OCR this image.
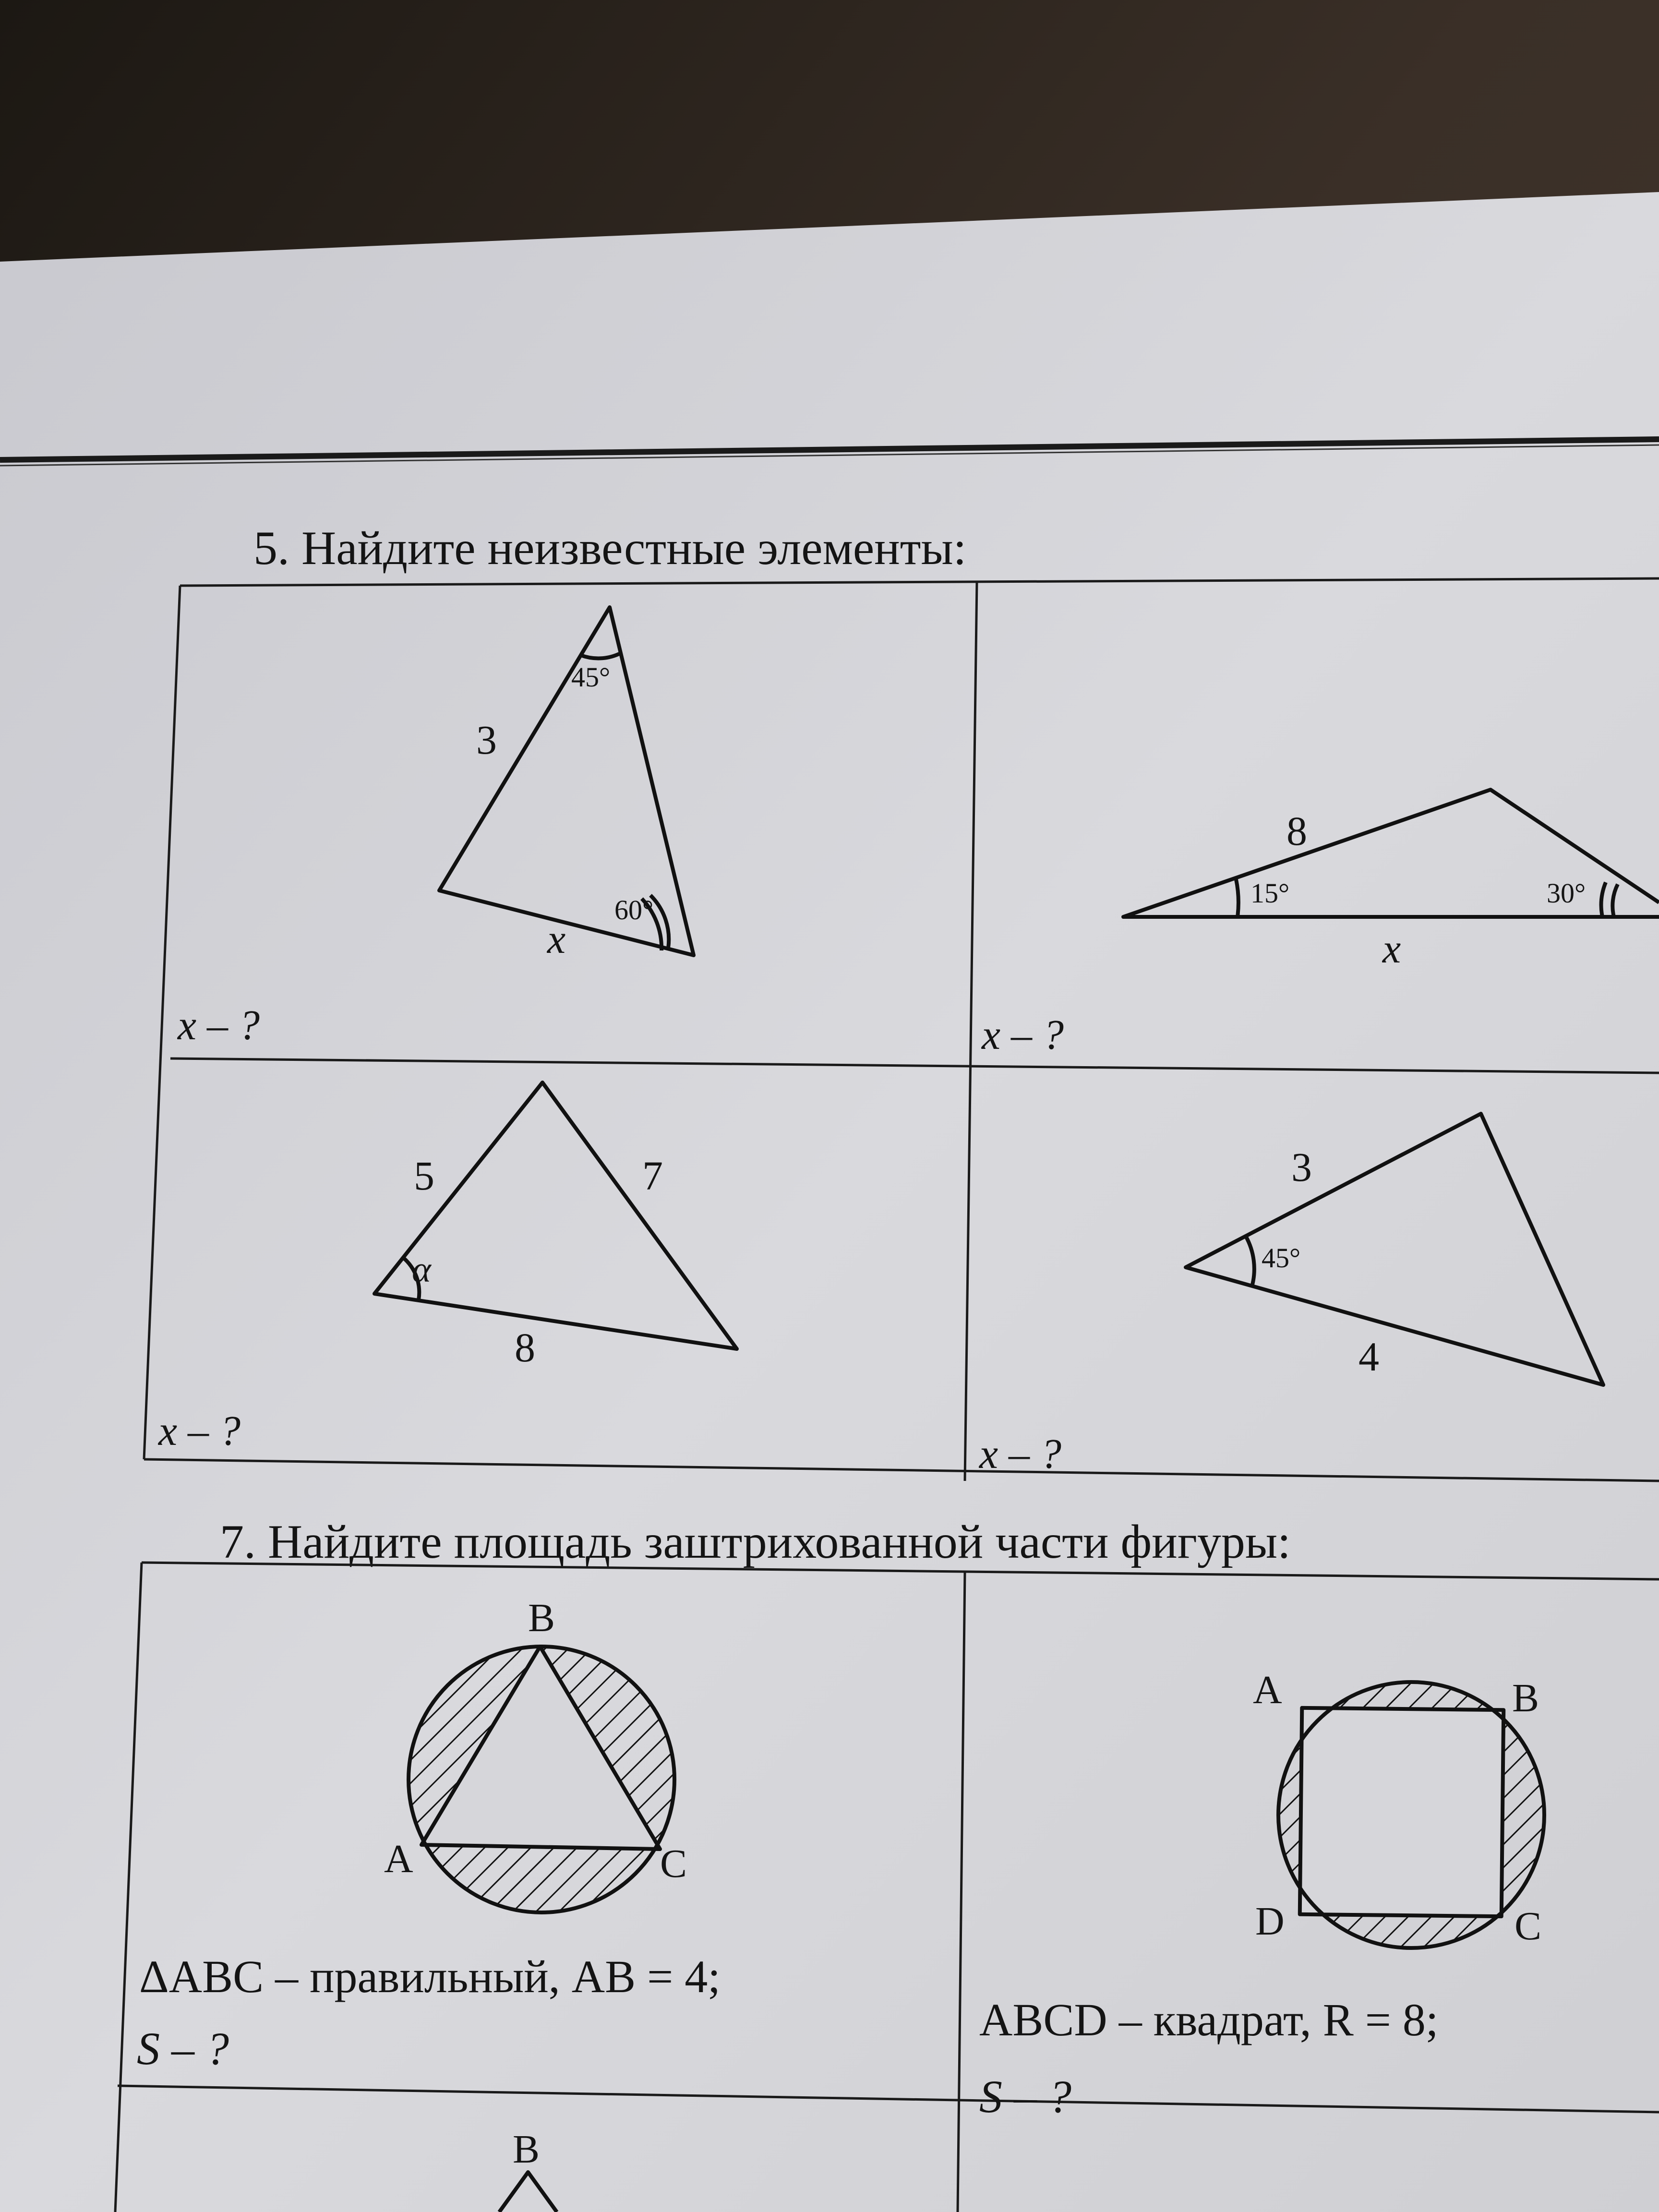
5. Найдите неизвестные элементы:
45°
3
60°
x
x – ?
8
15°	30°
x
x – ?
5	7
α
8
x – ?
3
45°
4
x – ?
7. Найдите площадь заштрихованной части фигуры:
B
A	C
ΔABC – правильный, AB = 4;
S – ?
A	B
C
D
ABCD – квадрат, R = 8;
S – ?
B
